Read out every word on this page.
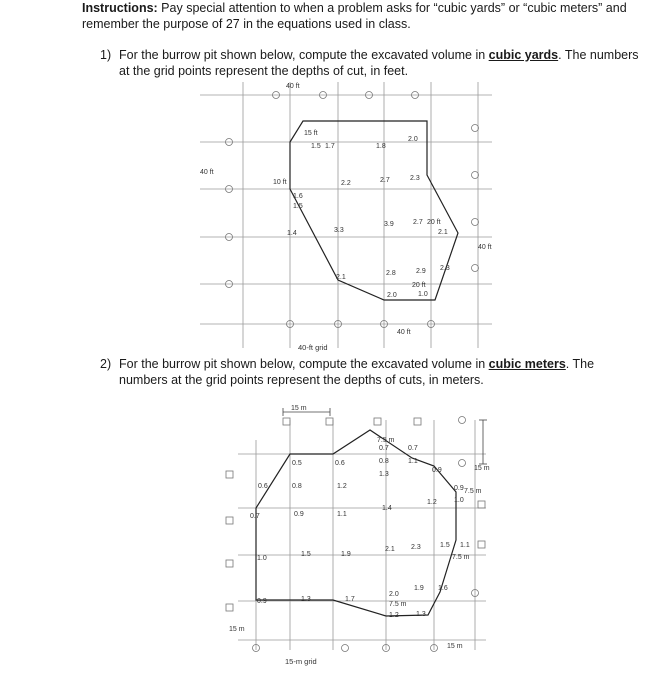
Instructions: Pay special attention to when a problem asks for “cubic yards” or “cubic meters” and remember the purpose of 27 in the equations used in class.
1) For the burrow pit shown below, compute the excavated volume in cubic yards. The numbers at the grid points represent the depths of cut, in feet.
2) For the burrow pit shown below, compute the excavated volume in cubic meters. The numbers at the grid points represent the depths of cuts, in meters.
40 ft
40 ft
40 ft
40 ft
40-ft grid
15 ft
10 ft
20 ft
20 ft
1.5 1.7	1.8
2.0
1.6
1.5
2.2	2.7	2.3
1.4	3.3
3.9	2.7
2.1
2.1
2.8	2.9 2.3
2.0	1.0
15 m
15 m
7.5 m
7.5 m
7.5 m
7.5 m
15 m
15 m
15-m grid
0.5	0.6
0.7
0.8
0.7
0.6	0.8	1.2
1.3
1.1
0.9
0.9
1.0
0.7	0.9	1.1
1.4
1.2
1.0
1.5	1.9
2.1 2.3	1.5 1.1
0.9	1.3	1.7
2.0
1.9 1.6
1.2 1.3
